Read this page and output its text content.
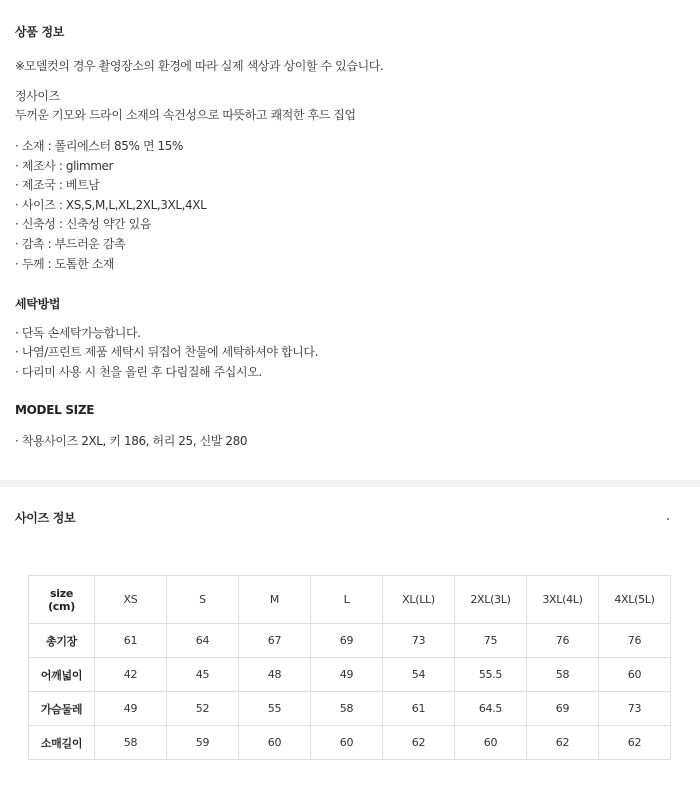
상품 정보
※모델컷의 경우 촬영장소의 환경에 따라 실제 색상과 상이할 수 있습니다.
정사이즈
두꺼운 기모와 드라이 소재의 속건성으로 따뜻하고 쾌적한 후드 집업
· 소재 : 폴리에스터 85% 면 15%
· 제조사 : glimmer
· 제조국 : 베트남
· 사이즈 : XS,S,M,L,XL,2XL,3XL,4XL
· 신축성 : 신축성 약간 있음
· 감촉 : 부드러운 감촉
· 두께 : 도톰한 소재
세탁방법
· 단독 손세탁가능합니다.
· 나염/프린트 제품 세탁시 뒤집어 찬물에 세탁하셔야 합니다.
· 다리미 사용 시 천을 올린 후 다림질해 주십시오.
MODEL SIZE
· 착용사이즈 2XL, 키 186, 허리 25, 신발 280
사이즈 정보
size
(cm)	XS	S	M	L	XL(LL)	2XL(3L)	3XL(4L)	4XL(5L)
총기장	61	64	67	69	73	75	76	76
어깨넓이	42	45	48	49	54	55.5	58	60
가슴둘레	49	52	55	58	61	64.5	69	73
소매길이	58	59	60	60	62	60	62	62
